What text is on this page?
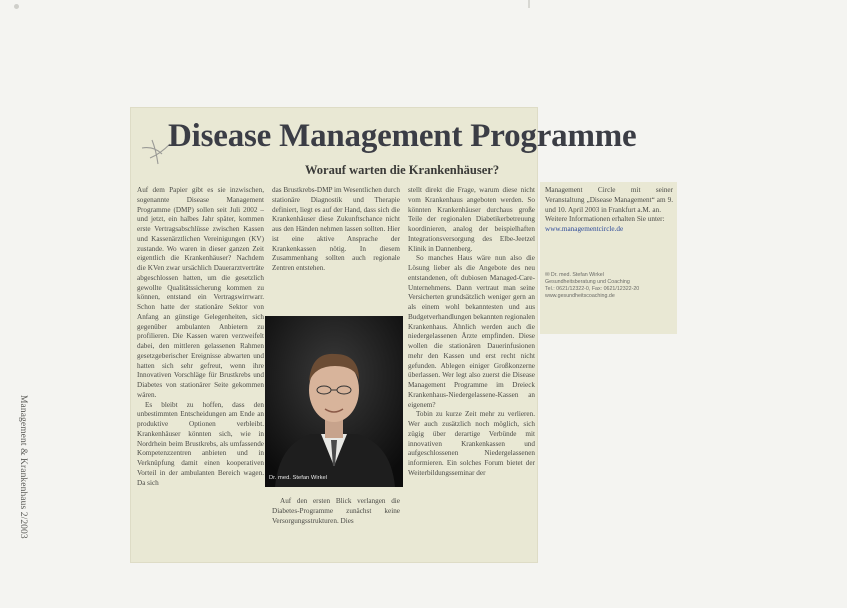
Management & Krankenhaus 2/2003
Disease Management Programme
Worauf warten die Krankenhäuser?

Auf dem Papier gibt es sie inzwischen, sogenannte Disease Management Programme (DMP) sollen seit Juli 2002 – und jetzt, ein halbes Jahr später, kommen erste Vertragsabschlüsse zwischen Kassen und Kassenärztlichen Vereinigungen (KV) zustande. Wo waren in dieser ganzen Zeit eigentlich die Krankenhäuser? Nachdem die KVen zwar ursächlich Dauerarztverträte abgeschlossen hatten, um die gesetzlich gewollte Qualitätssicherung kommen zu können, entstand ein Vertragswirrwarr. Schon hatte der stationäre Sektor von Anfang an günstige Gelegenheiten, sich gegenüber ambulanten Anbietern zu profilieren. Die Kassen waren verzweifelt dabei, den mittleren gelassenen Rahmen gesetzgeberischer Ereignisse abwarten und hatten sich sehr gefreut, wenn ihre Innovativen Vorschläge für Brustkrebs und Diabetes von stationärer Seite gekommen wären.

Es bleibt zu hoffen, dass den unbestimmten Entscheidungen am Ende an produktive Optionen verbleibt. Krankenhäuser könnten sich, wie in Nordrhein beim Brustkrebs, als umfassende Kompetenzzentren anbieten und in Verknüpfung damit einen kooperativen Vorteil in der ambulanten Bereich wagen. Da sich

das Brustkrebs-DMP im Wesentlichen durch stationäre Diagnostik und Therapie definiert, liegt es auf der Hand, dass sich die Krankenhäuser diese Zukunftschance nicht aus den Händen nehmen lassen sollten. Hier ist eine aktive Ansprache der Krankenkassen nötig. In diesem Zusammenhang sollten auch regionale Zentren entstehen.

Dr. med. Stefan Wirkel

Auf den ersten Blick verlangen die Diabetes-Programme zunächst keine Versorgungsstrukturen. Dies

stellt direkt die Frage, warum diese nicht vom Krankenhaus angeboten werden. So könnten Krankenhäuser durchaus große Teile der regionalen Diabetikerbetreuung koordinieren, analog der beispielhaften Integrationsversorgung des Elbe-Jeetzel Klinik in Dannenberg.

So manches Haus wäre nun also die Lösung lieber als die Angebote des neu entstandenen, oft dubiosen Managed-Care-Unternehmens. Dann vertraut man seine Versicherten grundsätzlich weniger gern an als einem wohl bekanntesten und aus Budgetverhandlungen bekannten regionalen Krankenhaus. Ähnlich werden auch die niedergelassenen Ärzte empfinden. Diese wollen die stationären Dauerinfusionen mehr den Kassen und erst recht nicht gefunden. Ablegen einiger Großkonzerne überlassen. Wer legt also zuerst die Disease Management Programme im Dreieck Krankenhaus-Niedergelassene-Kassen an eigenem?

Tobin zu kurze Zeit mehr zu verlieren. Wer auch zusätzlich noch möglich, sich zügig über derartige Verbünde mit innovativen Krankenkassen und aufgeschlossenen Niedergelassenen informieren. Ein solches Forum bietet der Weiterbildungsseminar der

Management Circle mit seiner Veranstaltung „Disease Management“ am 9. und 10. April 2003 in Frankfurt a.M. an.

Weitere Informationen erhalten Sie unter:

www.managementcircle.de

✉ Dr. med. Stefan Wirkel
Gesundheitsberatung und Coaching
Tel.: 0621/12322-0, Fax: 0621/12322-20
www.gesundheitscoaching.de
